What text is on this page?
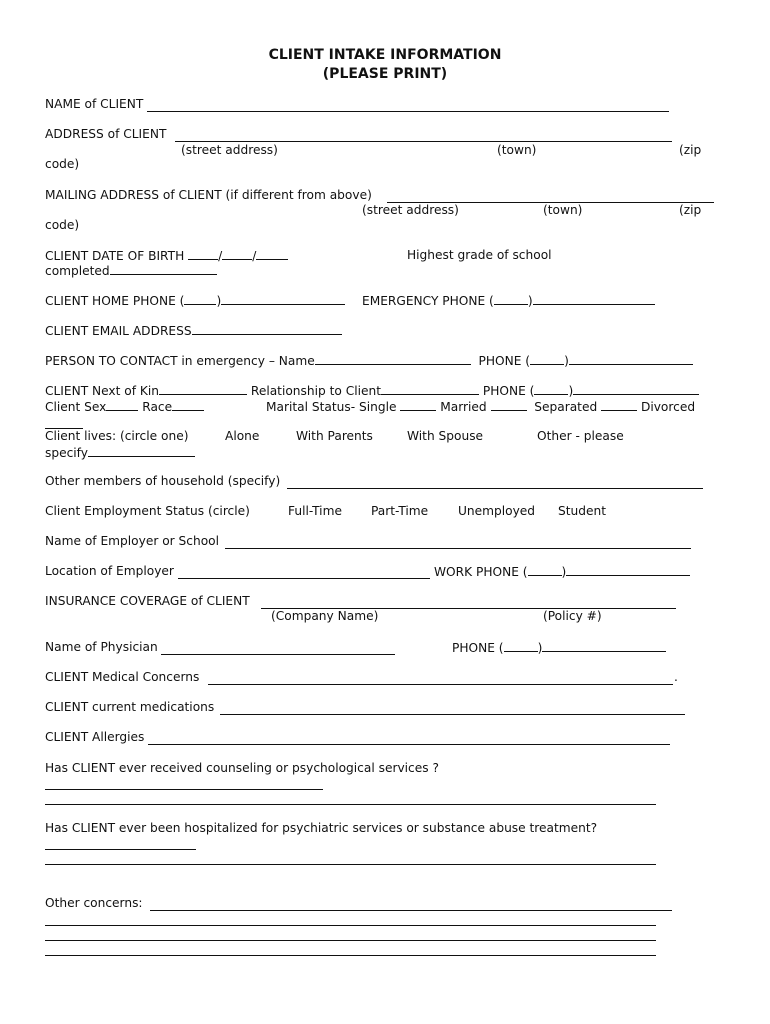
CLIENT INTAKE INFORMATION
(PLEASE PRINT)
NAME of CLIENT
ADDRESS of CLIENT
(street address)	(town)	(zip
code)
MAILING ADDRESS of CLIENT (if different from above)
(street address)	(town)	(zip
code)
CLIENT DATE OF BIRTH	/ /	Highest grade of school
completed
CLIENT HOME PHONE (	)	EMERGENCY PHONE (	)
CLIENT EMAIL ADDRESS
PERSON TO CONTACT in emergency – Name	PHONE (	)
CLIENT Next of Kin	Relationship to Client	PHONE (	)
Client Sex	Race	Marital Status- Single	Married	Separated	Divorced
Client lives: (circle one)	Alone	With Parents	With Spouse	Other - please
specify
Other members of household (specify)
Client Employment Status (circle)	Full-Time Part-Time Unemployed Student
Name of Employer or School
Location of Employer	WORK PHONE (	)
INSURANCE COVERAGE of CLIENT
(Company Name)	(Policy #)
Name of Physician	PHONE (	)
CLIENT Medical Concerns	.
CLIENT current medications
CLIENT Allergies
Has CLIENT ever received counseling or psychological services ?
Has CLIENT ever been hospitalized for psychiatric services or substance abuse treatment?
Other concerns:
